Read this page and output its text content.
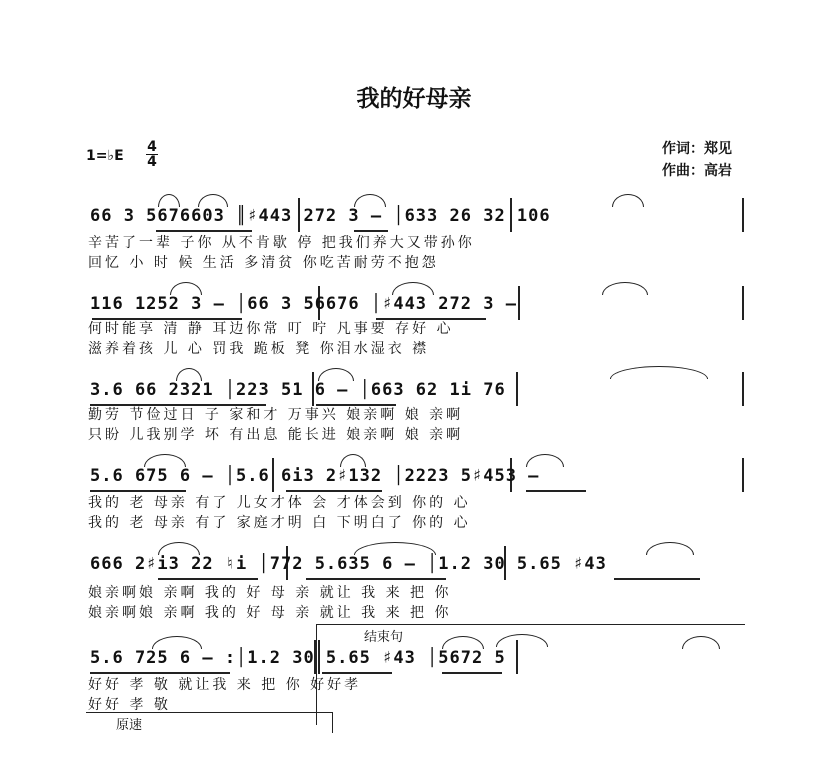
我的好母亲
1=♭E
4
4
作词：郑见
作曲：高岩
66 3 5676603 ║♯443 272 3 – │633 26 32 106
辛苦了一辈 子你 从不肯歇 停 把我们养大又带孙你
回忆 小 时 候 生活 多清贫 你吃苦耐劳不抱怨
116 1252 3 – │66 3 56676 │♯443 272 3 –
何时能享 清 静 耳边你常 叮 咛 凡事要 存好 心
滋养着孩 儿 心 罚我 跪板 凳 你泪水湿衣 襟
3.6 66 2321 │223 51 6 – │663 62 1i 76
勤劳 节俭过日 子 家和才 万事兴 娘亲啊 娘 亲啊
只盼 儿我别学 坏 有出息 能长进 娘亲啊 娘 亲啊
5.6 675 6 – │5.6 6i3 2♯132 │2223 5♯453 –
我的 老 母亲 有了 儿女才体 会 才体会到 你的 心
我的 老 母亲 有了 家庭才明 白 下明白了 你的 心
666 2♯i3 22 ♮i │772 5.635 6 – │1.2 30 5.65 ♯43
娘亲啊娘 亲啊 我的 好 母 亲 就让 我 来 把 你
娘亲啊娘 亲啊 我的 好 母 亲 就让 我 来 把 你
结束句
5.6 725 6 – :│1.2 30 5.65 ♯43 │5672 5
好好 孝 敬 就让我 来 把 你 好好孝
好好 孝 敬
原速
